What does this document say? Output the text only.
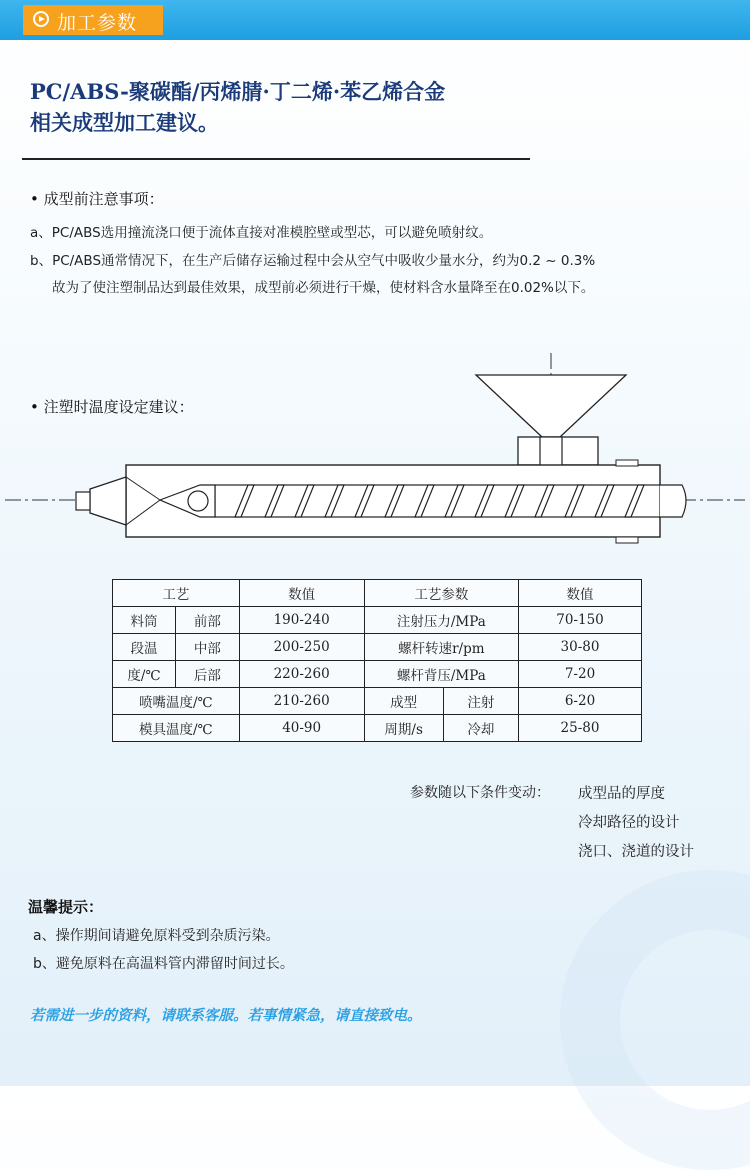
加工参数
PC/ABS-聚碳酯/丙烯腈·丁二烯·苯乙烯合金
相关成型加工建议。

• 成型前注意事项：

a、PC/ABS选用撞流浇口便于流体直接对准模腔壁或型芯，可以避免喷射纹。

b、PC/ABS通常情况下，在生产后储存运输过程中会从空气中吸收少量水分，约为0.2 ~ 0.3%

故为了使注塑制品达到最佳效果，成型前必须进行干燥，使材料含水量降至在0.02%以下。

• 注塑时温度设定建议：

工艺		数值	工艺参数		数值
料筒	前部	190-240	注射压力/MPa		70-150
段温	中部	200-250	螺杆转速r/pm		30-80
度/℃	后部	220-260	螺杆背压/MPa		7-20
喷嘴温度/℃		210-260	成型	注射	6-20
模具温度/℃		40-90	周期/s	冷却	25-80
参数随以下条件变动： 成型品的厚度
冷却路径的设计
浇口、浇道的设计

温馨提示：

a、操作期间请避免原料受到杂质污染。

b、避免原料在高温料管内滞留时间过长。

若需进一步的资料，请联系客服。若事情紧急，请直接致电。
